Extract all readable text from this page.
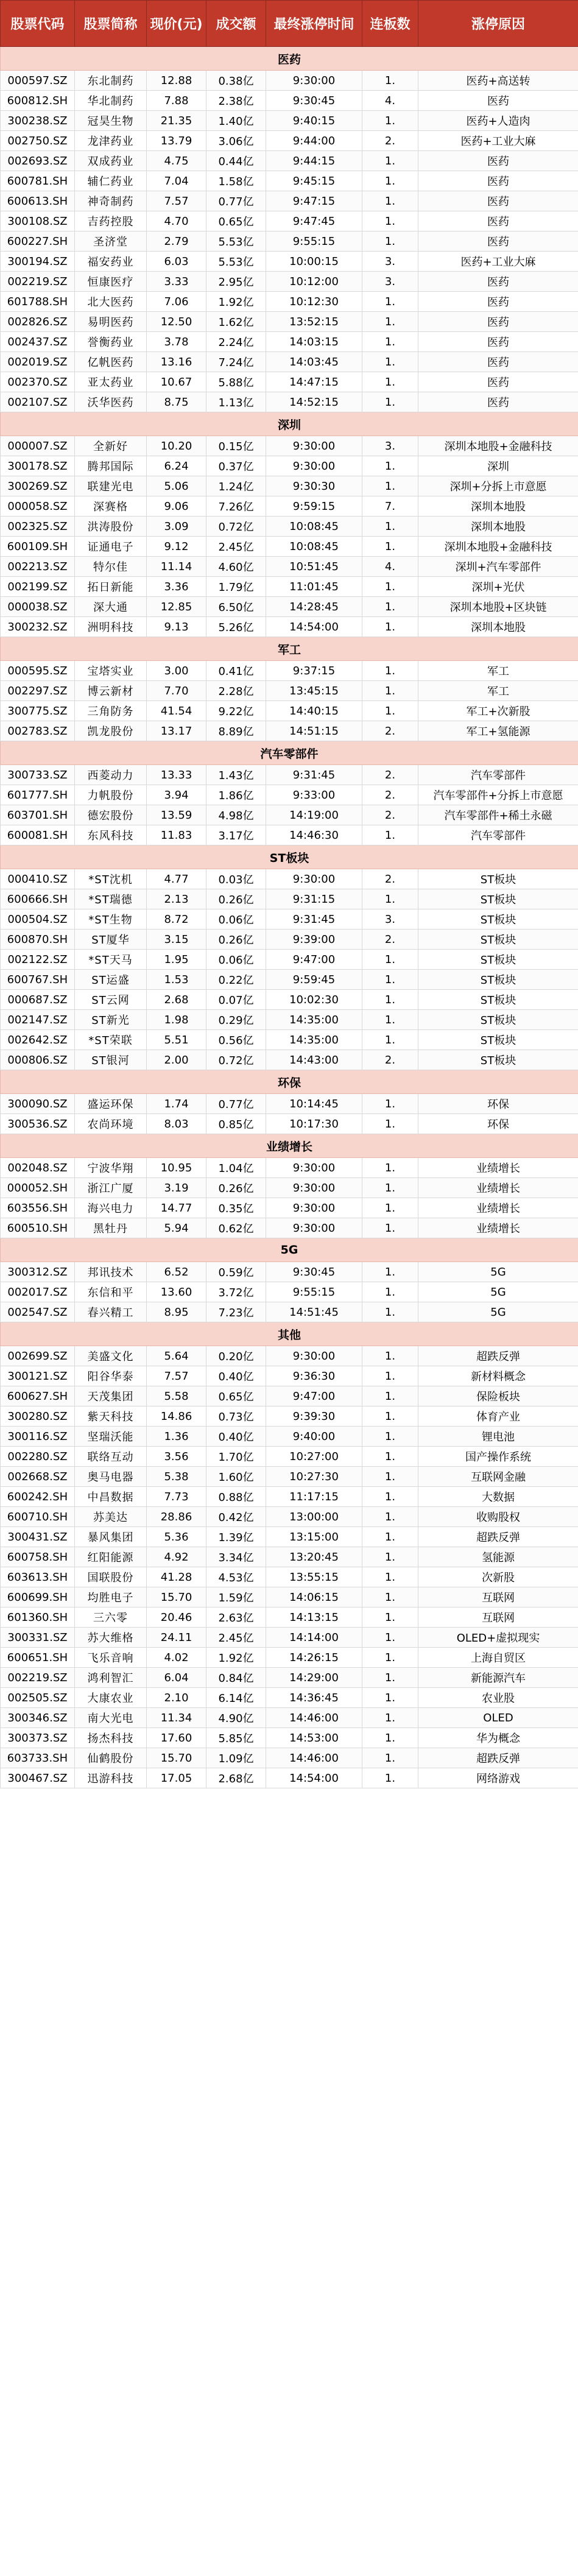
股票代码	股票简称	现价(元)	成交额	最终涨停时间	连板数	涨停原因
医药						
000597.SZ	东北制药	12.88	0.38亿	9:30:00	1.	医药+高送转
600812.SH	华北制药	7.88	2.38亿	9:30:45	4.	医药
300238.SZ	冠昊生物	21.35	1.40亿	9:40:15	1.	医药+人造肉
002750.SZ	龙津药业	13.79	3.06亿	9:44:00	2.	医药+工业大麻
002693.SZ	双成药业	4.75	0.44亿	9:44:15	1.	医药
600781.SH	辅仁药业	7.04	1.58亿	9:45:15	1.	医药
600613.SH	神奇制药	7.57	0.77亿	9:47:15	1.	医药
300108.SZ	吉药控股	4.70	0.65亿	9:47:45	1.	医药
600227.SH	圣济堂	2.79	5.53亿	9:55:15	1.	医药
300194.SZ	福安药业	6.03	5.53亿	10:00:15	3.	医药+工业大麻
002219.SZ	恒康医疗	3.33	2.95亿	10:12:00	3.	医药
601788.SH	北大医药	7.06	1.92亿	10:12:30	1.	医药
002826.SZ	易明医药	12.50	1.62亿	13:52:15	1.	医药
002437.SZ	誉衡药业	3.78	2.24亿	14:03:15	1.	医药
002019.SZ	亿帆医药	13.16	7.24亿	14:03:45	1.	医药
002370.SZ	亚太药业	10.67	5.88亿	14:47:15	1.	医药
002107.SZ	沃华医药	8.75	1.13亿	14:52:15	1.	医药
深圳						
000007.SZ	全新好	10.20	0.15亿	9:30:00	3.	深圳本地股+金融科技
300178.SZ	腾邦国际	6.24	0.37亿	9:30:00	1.	深圳
300269.SZ	联建光电	5.06	1.24亿	9:30:30	1.	深圳+分拆上市意愿
000058.SZ	深赛格	9.06	7.26亿	9:59:15	7.	深圳本地股
002325.SZ	洪涛股份	3.09	0.72亿	10:08:45	1.	深圳本地股
600109.SH	证通电子	9.12	2.45亿	10:08:45	1.	深圳本地股+金融科技
002213.SZ	特尔佳	11.14	4.60亿	10:51:45	4.	深圳+汽车零部件
002199.SZ	拓日新能	3.36	1.79亿	11:01:45	1.	深圳+光伏
000038.SZ	深大通	12.85	6.50亿	14:28:45	1.	深圳本地股+区块链
300232.SZ	洲明科技	9.13	5.26亿	14:54:00	1.	深圳本地股
军工						
000595.SZ	宝塔实业	3.00	0.41亿	9:37:15	1.	军工
002297.SZ	博云新材	7.70	2.28亿	13:45:15	1.	军工
300775.SZ	三角防务	41.54	9.22亿	14:40:15	1.	军工+次新股
002783.SZ	凯龙股份	13.17	8.89亿	14:51:15	2.	军工+氢能源
汽车零部件						
300733.SZ	西菱动力	13.33	1.43亿	9:31:45	2.	汽车零部件
601777.SH	力帆股份	3.94	1.86亿	9:33:00	2.	汽车零部件+分拆上市意愿
603701.SH	德宏股份	13.59	4.98亿	14:19:00	2.	汽车零部件+稀土永磁
600081.SH	东风科技	11.83	3.17亿	14:46:30	1.	汽车零部件
ST板块						
000410.SZ	*ST沈机	4.77	0.03亿	9:30:00	2.	ST板块
600666.SH	*ST瑞德	2.13	0.26亿	9:31:15	1.	ST板块
000504.SZ	*ST生物	8.72	0.06亿	9:31:45	3.	ST板块
600870.SH	ST厦华	3.15	0.26亿	9:39:00	2.	ST板块
002122.SZ	*ST天马	1.95	0.06亿	9:47:00	1.	ST板块
600767.SH	ST运盛	1.53	0.22亿	9:59:45	1.	ST板块
000687.SZ	ST云网	2.68	0.07亿	10:02:30	1.	ST板块
002147.SZ	ST新光	1.98	0.29亿	14:35:00	1.	ST板块
002642.SZ	*ST荣联	5.51	0.56亿	14:35:00	1.	ST板块
000806.SZ	ST银河	2.00	0.72亿	14:43:00	2.	ST板块
环保						
300090.SZ	盛运环保	1.74	0.77亿	10:14:45	1.	环保
300536.SZ	农尚环境	8.03	0.85亿	10:17:30	1.	环保
业绩增长						
002048.SZ	宁波华翔	10.95	1.04亿	9:30:00	1.	业绩增长
000052.SH	浙江广厦	3.19	0.26亿	9:30:00	1.	业绩增长
603556.SH	海兴电力	14.77	0.35亿	9:30:00	1.	业绩增长
600510.SH	黑牡丹	5.94	0.62亿	9:30:00	1.	业绩增长
5G						
300312.SZ	邦讯技术	6.52	0.59亿	9:30:45	1.	5G
002017.SZ	东信和平	13.60	3.72亿	9:55:15	1.	5G
002547.SZ	春兴精工	8.95	7.23亿	14:51:45	1.	5G
其他						
002699.SZ	美盛文化	5.64	0.20亿	9:30:00	1.	超跌反弹
300121.SZ	阳谷华泰	7.57	0.40亿	9:36:30	1.	新材料概念
600627.SH	天茂集团	5.58	0.65亿	9:47:00	1.	保险板块
300280.SZ	紫天科技	14.86	0.73亿	9:39:30	1.	体育产业
300116.SZ	坚瑞沃能	1.36	0.40亿	9:40:00	1.	锂电池
002280.SZ	联络互动	3.56	1.70亿	10:27:00	1.	国产操作系统
002668.SZ	奥马电器	5.38	1.60亿	10:27:30	1.	互联网金融
600242.SH	中昌数据	7.73	0.88亿	11:17:15	1.	大数据
600710.SH	苏美达	28.86	0.42亿	13:00:00	1.	收购股权
300431.SZ	暴风集团	5.36	1.39亿	13:15:00	1.	超跌反弹
600758.SH	红阳能源	4.92	3.34亿	13:20:45	1.	氢能源
603613.SH	国联股份	41.28	4.53亿	13:55:15	1.	次新股
600699.SH	均胜电子	15.70	1.59亿	14:06:15	1.	互联网
601360.SH	三六零	20.46	2.63亿	14:13:15	1.	互联网
300331.SZ	苏大维格	24.11	2.45亿	14:14:00	1.	OLED+虚拟现实
600651.SH	飞乐音响	4.02	1.92亿	14:26:15	1.	上海自贸区
002219.SZ	鸿利智汇	6.04	0.84亿	14:29:00	1.	新能源汽车
002505.SZ	大康农业	2.10	6.14亿	14:36:45	1.	农业股
300346.SZ	南大光电	11.34	4.90亿	14:46:00	1.	OLED
300373.SZ	扬杰科技	17.60	5.85亿	14:53:00	1.	华为概念
603733.SH	仙鹤股份	15.70	1.09亿	14:46:00	1.	超跌反弹
300467.SZ	迅游科技	17.05	2.68亿	14:54:00	1.	网络游戏
